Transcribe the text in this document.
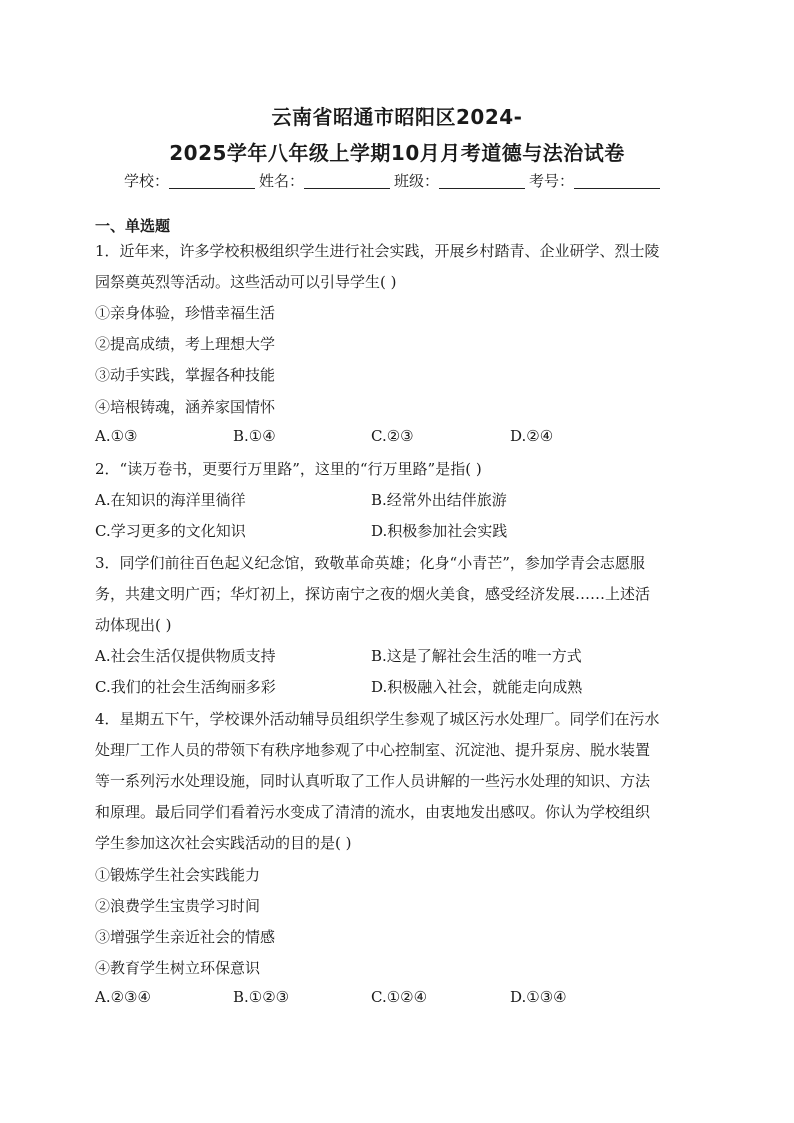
云南省昭通市昭阳区2024-
2025学年八年级上学期10月月考道德与法治试卷
学校：	姓名：	班级：	考号：
一、单选题
1．近年来，许多学校积极组织学生进行社会实践，开展乡村踏青、企业研学、烈士陵
园祭奠英烈等活动。这些活动可以引导学生( )
①亲身体验，珍惜幸福生活
②提高成绩，考上理想大学
③动手实践，掌握各种技能
④培根铸魂，涵养家国情怀
A.①③	B.①④	C.②③	D.②④
2．“读万卷书，更要行万里路”，这里的“行万里路”是指( )
A.在知识的海洋里徜徉	B.经常外出结伴旅游
C.学习更多的文化知识	D.积极参加社会实践
3．同学们前往百色起义纪念馆，致敬革命英雄；化身“小青芒”，参加学青会志愿服
务，共建文明广西；华灯初上，探访南宁之夜的烟火美食，感受经济发展……上述活
动体现出( )
A.社会生活仅提供物质支持	B.这是了解社会生活的唯一方式
C.我们的社会生活绚丽多彩	D.积极融入社会，就能走向成熟
4．星期五下午，学校课外活动辅导员组织学生参观了城区污水处理厂。同学们在污水
处理厂工作人员的带领下有秩序地参观了中心控制室、沉淀池、提升泵房、脱水装置
等一系列污水处理设施，同时认真听取了工作人员讲解的一些污水处理的知识、方法
和原理。最后同学们看着污水变成了清清的流水，由衷地发出感叹。你认为学校组织
学生参加这次社会实践活动的目的是( )
①锻炼学生社会实践能力
②浪费学生宝贵学习时间
③增强学生亲近社会的情感
④教育学生树立环保意识
A.②③④	B.①②③	C.①②④	D.①③④
